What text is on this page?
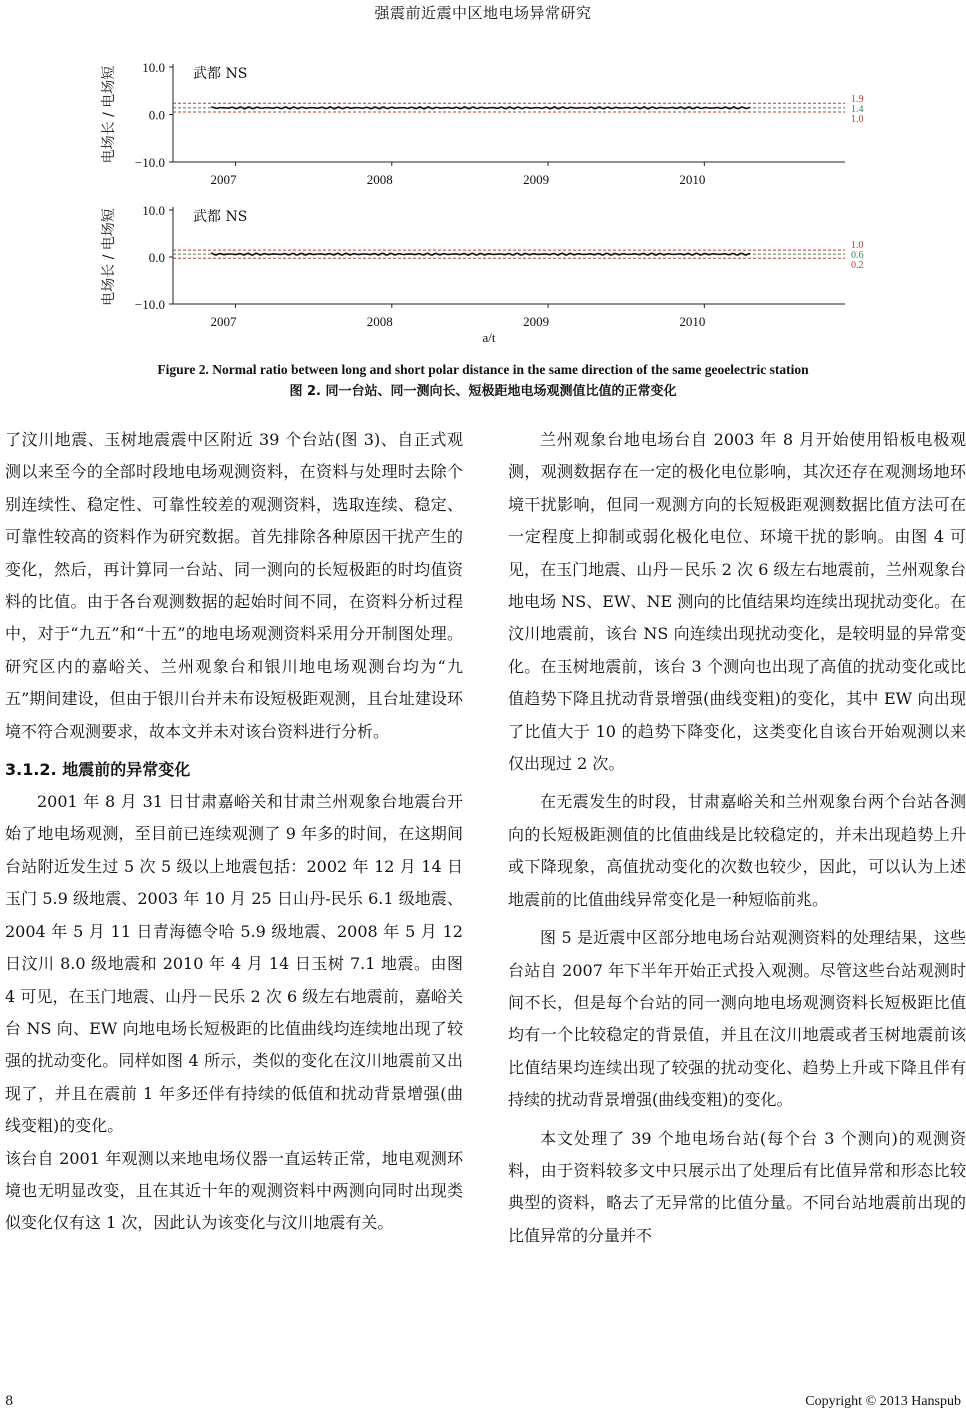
强震前近震中区地电场异常研究
10.0
0.0
−10.0
2007	2008	2009	2010
电场长 / 电场短	武都 NS
1.9
1.4
1.0
10.0
0.0
−10.0
2007	2008	2009	2010
电场长 / 电场短	武都 NS
1.0
0.6
0.2
a/t
Figure 2. Normal ratio between long and short polar distance in the same direction of the same geoelectric station
图 2. 同一台站、同一测向长、短极距地电场观测值比值的正常变化

了汶川地震、玉树地震震中区附近 39 个台站(图 3)、自正式观测以来至今的全部时段地电场观测资料，在资料与处理时去除个别连续性、稳定性、可靠性较差的观测资料，选取连续、稳定、可靠性较高的资料作为研究数据。首先排除各种原因干扰产生的变化，然后，再计算同一台站、同一测向的长短极距的时均值资料的比值。由于各台观测数据的起始时间不同，在资料分析过程中，对于“九五”和“十五”的地电场观测资料采用分开制图处理。研究区内的嘉峪关、兰州观象台和银川地电场观测台均为“九五”期间建设，但由于银川台并未布设短极距观测，且台址建设环境不符合观测要求，故本文并未对该台资料进行分析。

3.1.2. 地震前的异常变化

2001 年 8 月 31 日甘肃嘉峪关和甘肃兰州观象台地震台开始了地电场观测，至目前已连续观测了 9 年多的时间，在这期间台站附近发生过 5 次 5 级以上地震包括：2002 年 12 月 14 日玉门 5.9 级地震、2003 年 10 月 25 日山丹-民乐 6.1 级地震、2004 年 5 月 11 日青海德令哈 5.9 级地震、2008 年 5 月 12 日汶川 8.0 级地震和 2010 年 4 月 14 日玉树 7.1 地震。由图 4 可见，在玉门地震、山丹－民乐 2 次 6 级左右地震前，嘉峪关台 NS 向、EW 向地电场长短极距的比值曲线均连续地出现了较强的扰动变化。同样如图 4 所示，类似的变化在汶川地震前又出现了，并且在震前 1 年多还伴有持续的低值和扰动背景增强(曲线变粗)的变化。

该台自 2001 年观测以来地电场仪器一直运转正常，地电观测环境也无明显改变，且在其近十年的观测资料中两测向同时出现类似变化仅有这 1 次，因此认为该变化与汶川地震有关。

兰州观象台地电场台自 2003 年 8 月开始使用铅板电极观测，观测数据存在一定的极化电位影响，其次还存在观测场地环境干扰影响，但同一观测方向的长短极距观测数据比值方法可在一定程度上抑制或弱化极化电位、环境干扰的影响。由图 4 可见，在玉门地震、山丹－民乐 2 次 6 级左右地震前，兰州观象台地电场 NS、EW、NE 测向的比值结果均连续出现扰动变化。在汶川地震前，该台 NS 向连续出现扰动变化，是较明显的异常变化。在玉树地震前，该台 3 个测向也出现了高值的扰动变化或比值趋势下降且扰动背景增强(曲线变粗)的变化，其中 EW 向出现了比值大于 10 的趋势下降变化，这类变化自该台开始观测以来仅出现过 2 次。

在无震发生的时段，甘肃嘉峪关和兰州观象台两个台站各测向的长短极距测值的比值曲线是比较稳定的，并未出现趋势上升或下降现象，高值扰动变化的次数也较少，因此，可以认为上述地震前的比值曲线异常变化是一种短临前兆。

图 5 是近震中区部分地电场台站观测资料的处理结果，这些台站自 2007 年下半年开始正式投入观测。尽管这些台站观测时间不长，但是每个台站的同一测向地电场观测资料长短极距比值均有一个比较稳定的背景值，并且在汶川地震或者玉树地震前该比值结果均连续出现了较强的扰动变化、趋势上升或下降且伴有持续的扰动背景增强(曲线变粗)的变化。

本文处理了 39 个地电场台站(每个台 3 个测向)的观测资料，由于资料较多文中只展示出了处理后有比值异常和形态比较典型的资料，略去了无异常的比值分量。不同台站地震前出现的比值异常的分量并不

8	Copyright © 2013 Hanspub
